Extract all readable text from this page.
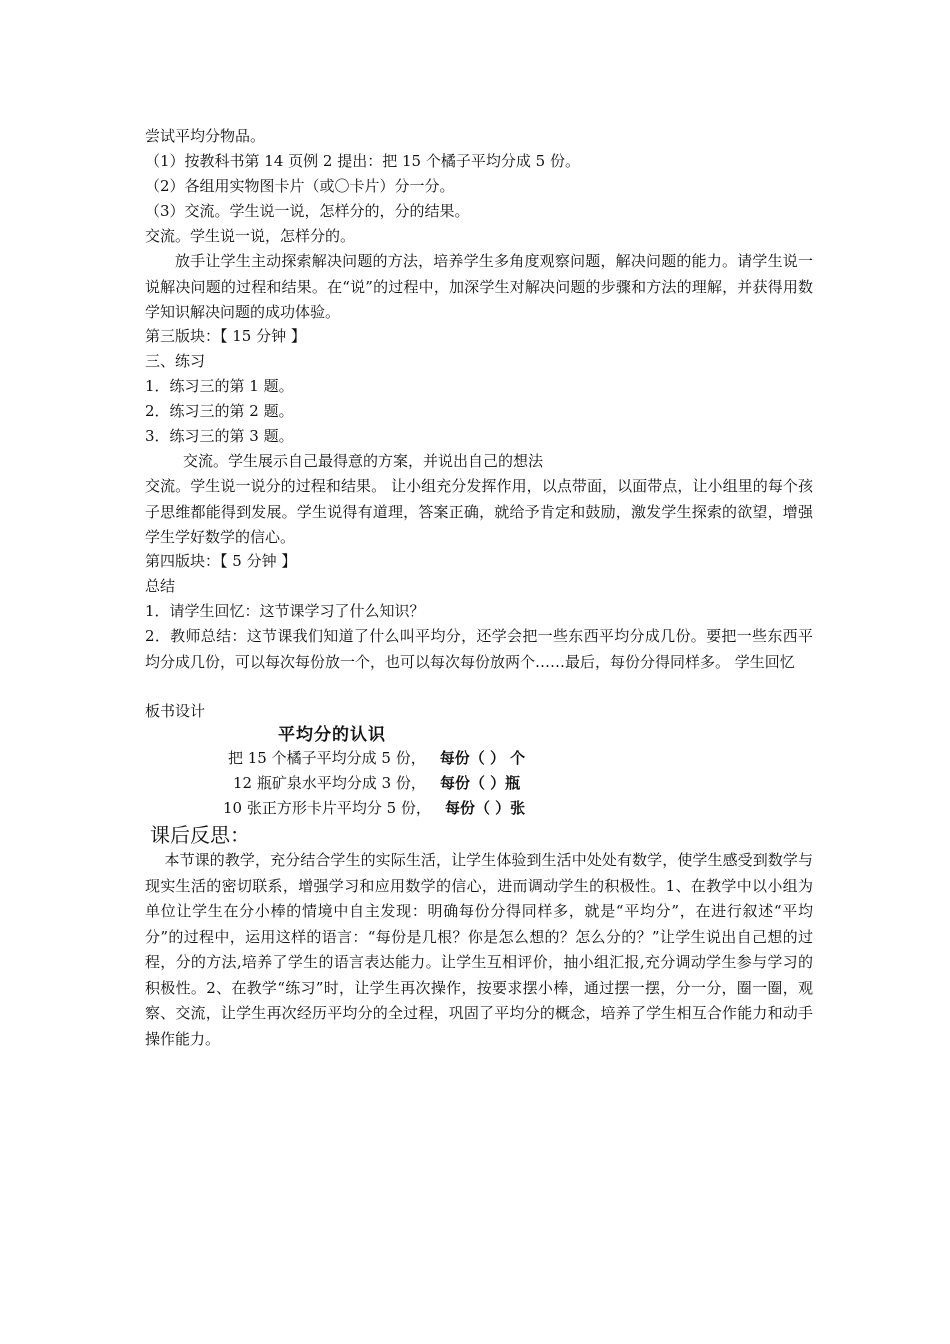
尝试平均分物品。
（1）按教科书第 14 页例 2 提出：把 15 个橘子平均分成 5 份。
（2）各组用实物图卡片（或〇卡片）分一分。
（3）交流。学生说一说，怎样分的，分的结果。
交流。学生说一说，怎样分的。
放手让学生主动探索解决问题的方法，培养学生多角度观察问题，解决问题的能力。请学生说一说解决问题的过程和结果。在“说”的过程中，加深学生对解决问题的步骤和方法的理解，并获得用数学知识解决问题的成功体验。
第三版块：【 15 分钟 】
三、练习
1．练习三的第 1 题。
2．练习三的第 2 题。
3．练习三的第 3 题。
交流。学生展示自己最得意的方案，并说出自己的想法
交流。学生说一说分的过程和结果。 让小组充分发挥作用，以点带面，以面带点，让小组里的每个孩子思维都能得到发展。学生说得有道理，答案正确，就给予肯定和鼓励，激发学生探索的欲望，增强学生学好数学的信心。
第四版块：【 5 分钟 】
总结
1．请学生回忆：这节课学习了什么知识？
2．教师总结：这节课我们知道了什么叫平均分，还学会把一些东西平均分成几份。要把一些东西平均分成几份，可以每次每份放一个，也可以每次每份放两个……最后，每份分得同样多。 学生回忆
板书设计
平均分的认识
把 15 个橘子平均分成 5 份， 每份（ ） 个
12 瓶矿泉水平均分成 3 份， 每份（ ）瓶
10 张正方形卡片平均分 5 份， 每份（ ）张
课后反思：
本节课的教学，充分结合学生的实际生活，让学生体验到生活中处处有数学，使学生感受到数学与现实生活的密切联系，增强学习和应用数学的信心，进而调动学生的积极性。1、在教学中以小组为单位让学生在分小棒的情境中自主发现：明确每份分得同样多，就是“平均分”，在进行叙述“平均分”的过程中，运用这样的语言：“每份是几根？你是怎么想的？怎么分的？”让学生说出自己想的过程，分的方法,培养了学生的语言表达能力。让学生互相评价，抽小组汇报,充分调动学生参与学习的积极性。2、在教学“练习”时，让学生再次操作，按要求摆小棒，通过摆一摆，分一分，圈一圈，观察、交流，让学生再次经历平均分的全过程，巩固了平均分的概念，培养了学生相互合作能力和动手操作能力。
